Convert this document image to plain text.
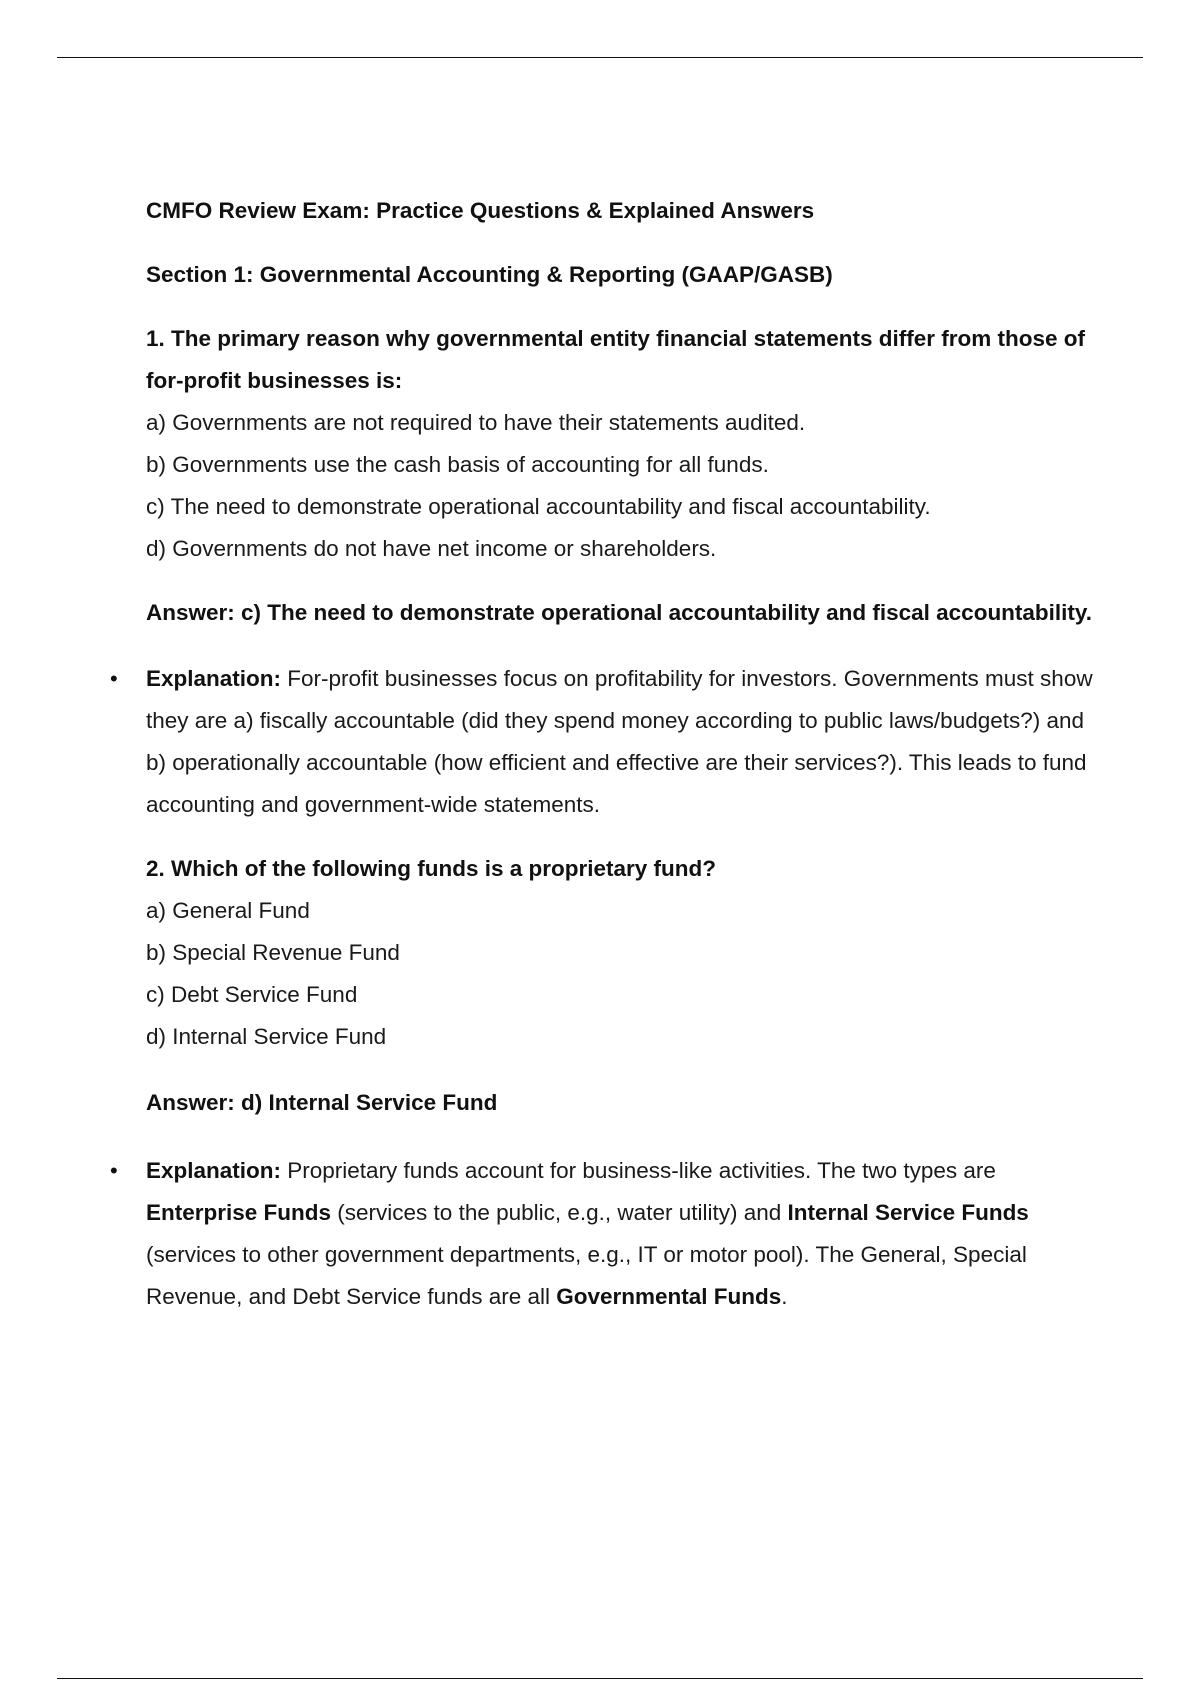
CMFO Review Exam: Practice Questions & Explained Answers

Section 1: Governmental Accounting & Reporting (GAAP/GASB)

1. The primary reason why governmental entity financial statements differ from those of for-profit businesses is:

a) Governments are not required to have their statements audited.
b) Governments use the cash basis of accounting for all funds.
c) The need to demonstrate operational accountability and fiscal accountability.
d) Governments do not have net income or shareholders.

Answer: c) The need to demonstrate operational accountability and fiscal accountability.

• Explanation: For-profit businesses focus on profitability for investors. Governments must show they are a) fiscally accountable (did they spend money according to public laws/budgets?) and b) operationally accountable (how efficient and effective are their services?). This leads to fund accounting and government-wide statements.

2. Which of the following funds is a proprietary fund?

a) General Fund
b) Special Revenue Fund
c) Debt Service Fund
d) Internal Service Fund

Answer: d) Internal Service Fund

• Explanation: Proprietary funds account for business-like activities. The two types are Enterprise Funds (services to the public, e.g., water utility) and Internal Service Funds (services to other government departments, e.g., IT or motor pool). The General, Special Revenue, and Debt Service funds are all Governmental Funds.
